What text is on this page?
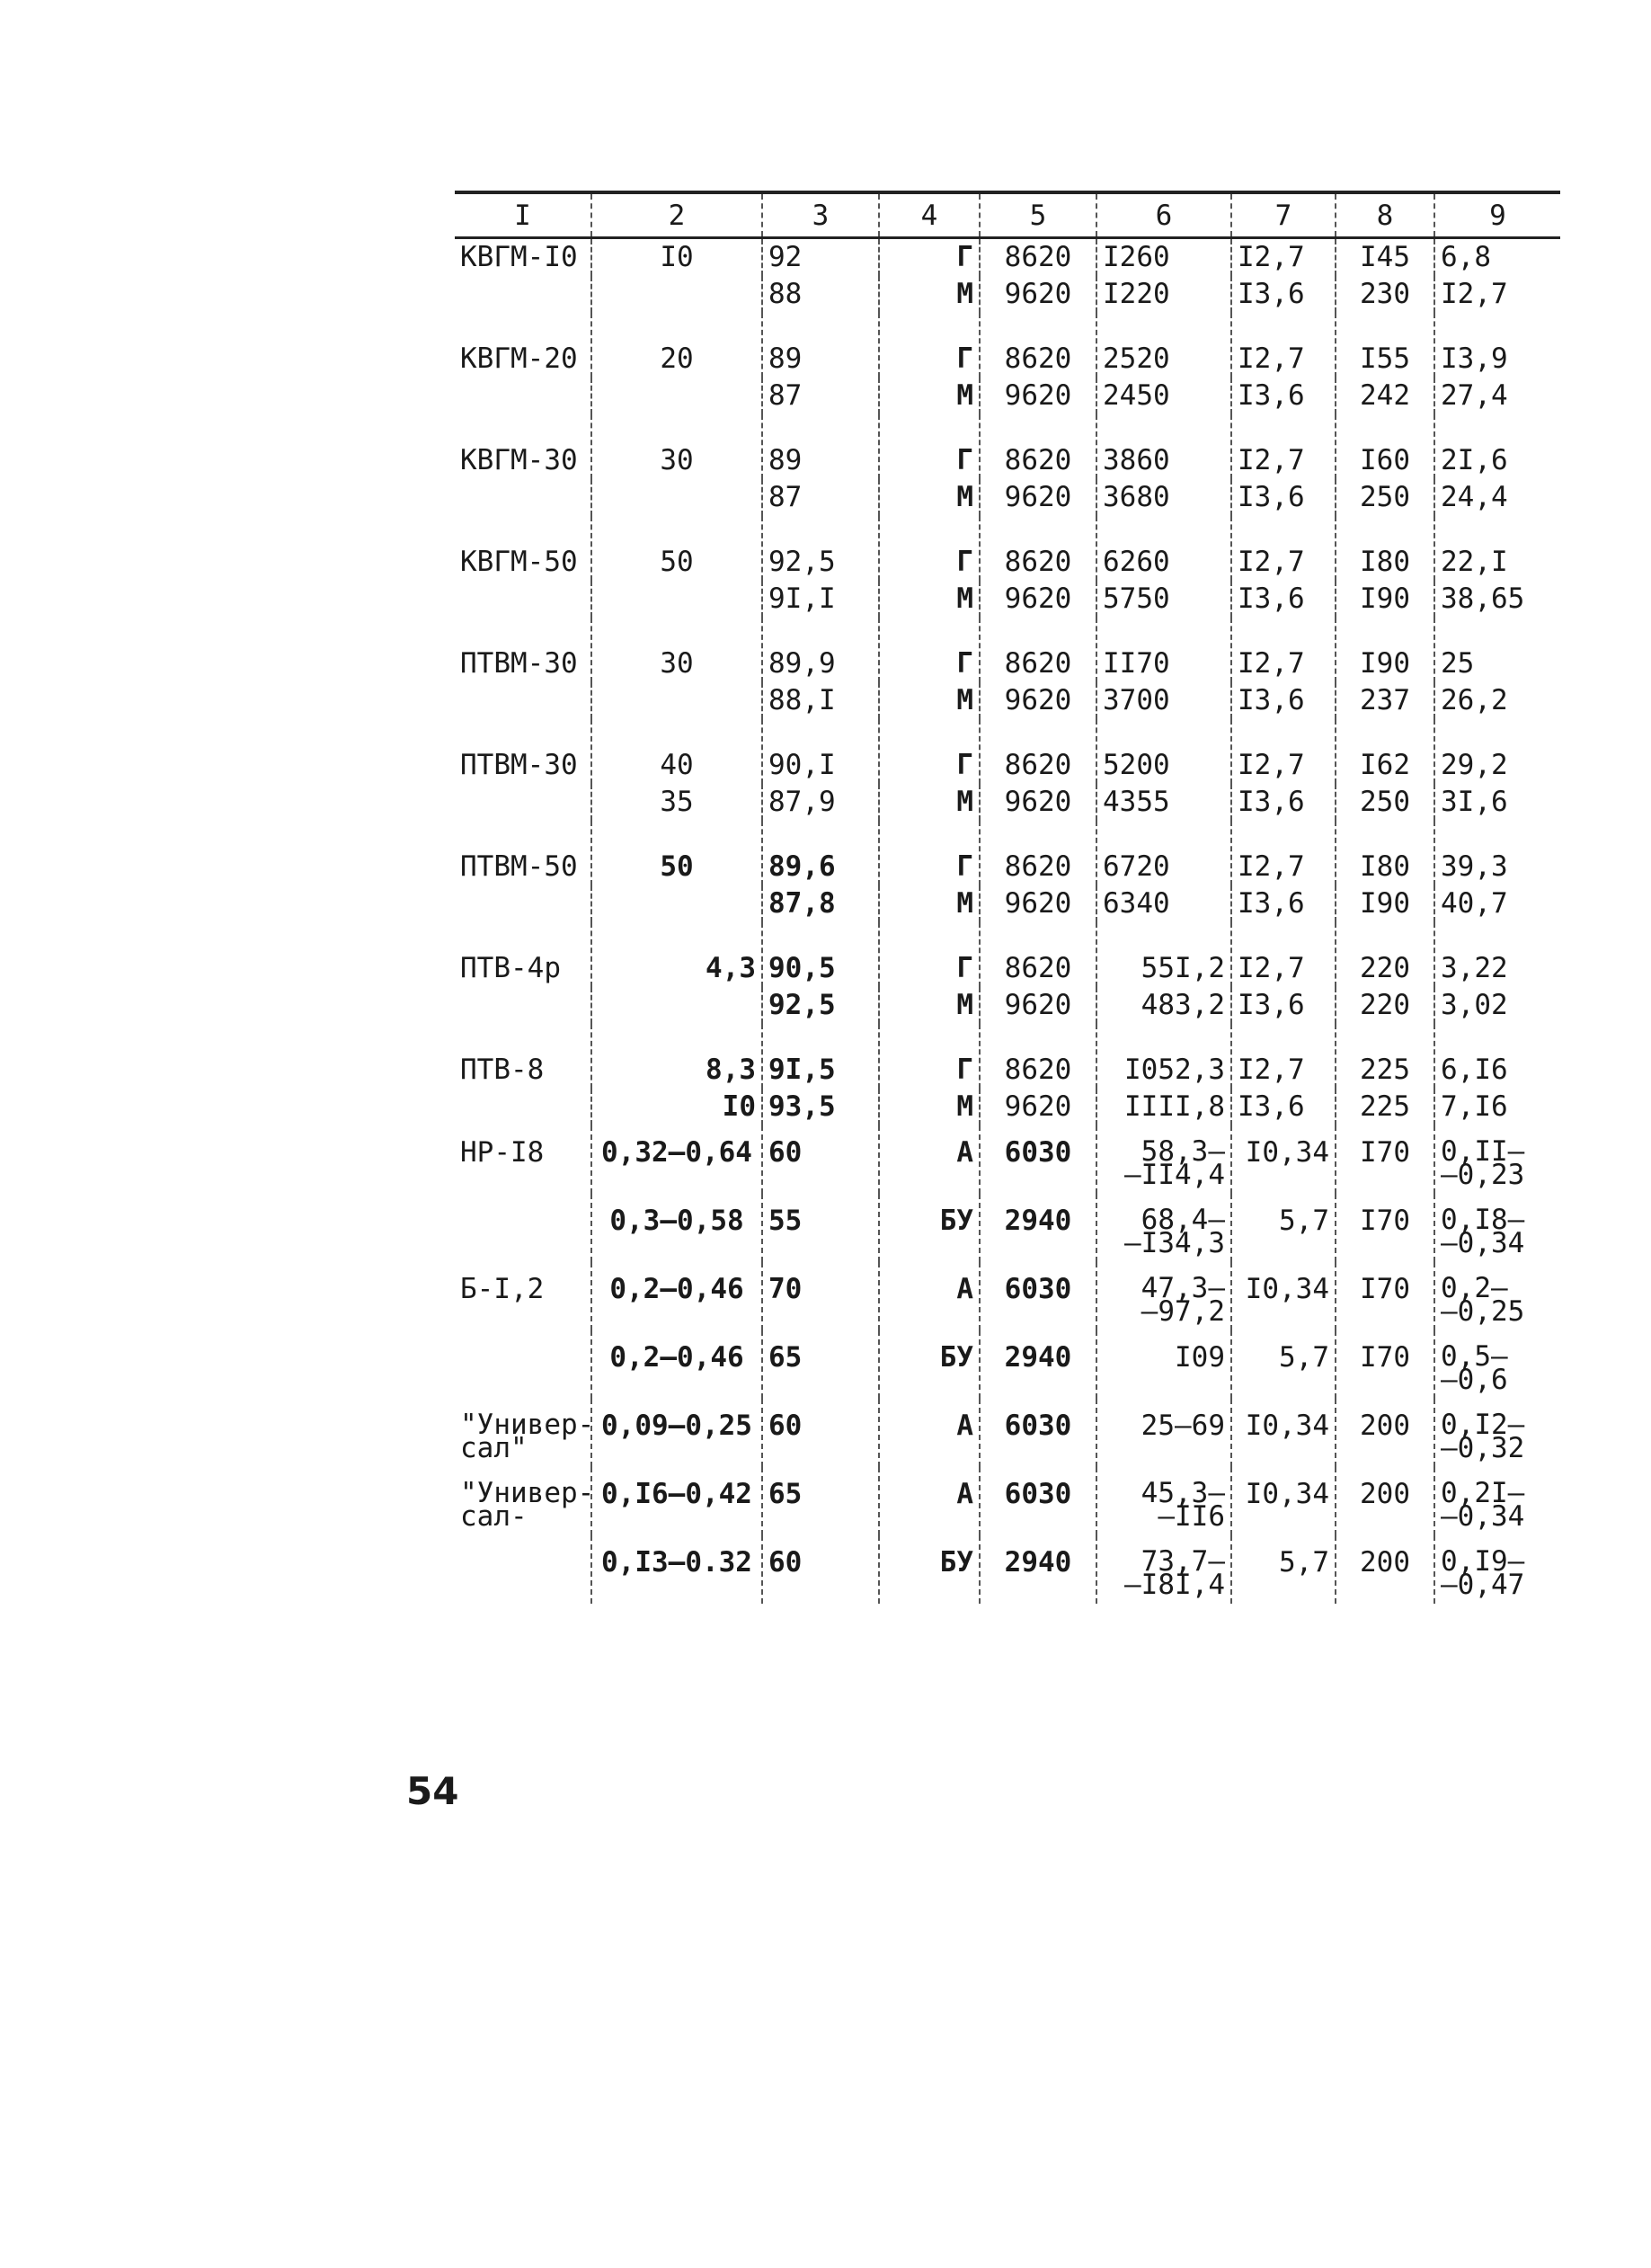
I	2	3	4	5	6	7	8	9
КВГМ-I0	I0	92	Г	8620	I260	I2,7	I45	6,8
		88	М	9620	I220	I3,6	230	I2,7
КВГМ-20	20	89	Г	8620	2520	I2,7	I55	I3,9
		87	М	9620	2450	I3,6	242	27,4
КВГМ-30	30	89	Г	8620	3860	I2,7	I60	2I,6
		87	М	9620	3680	I3,6	250	24,4
КВГМ-50	50	92,5	Г	8620	6260	I2,7	I80	22,I
		9I,I	М	9620	5750	I3,6	I90	38,65
ПТВМ-30	30	89,9	Г	8620	II70	I2,7	I90	25
		88,I	М	9620	3700	I3,6	237	26,2
ПТВМ-30	40	90,I	Г	8620	5200	I2,7	I62	29,2
	35	87,9	М	9620	4355	I3,6	250	3I,6
ПТВМ-50	50	89,6	Г	8620	6720	I2,7	I80	39,3
		87,8	М	9620	6340	I3,6	I90	40,7
ПТВ-4р	4,3	90,5	Г	8620	55I,2	I2,7	220	3,22
		92,5	М	9620	483,2	I3,6	220	3,02
ПТВ-8	8,3	9I,5	Г	8620	I052,3	I2,7	225	6,I6
	I0	93,5	М	9620	IIII,8	I3,6	225	7,I6
НР-I8	0,32–0,64	60	А	6030	58,3–
–II4,4	I0,34	I70	0,II–
–0,23
	0,3–0,58	55	БУ	2940	68,4–
–I34,3	5,7	I70	0,I8–
–0,34
Б-I,2	0,2–0,46	70	А	6030	47,3–
–97,2	I0,34	I70	0,2–
–0,25
	0,2–0,46	65	БУ	2940	I09	5,7	I70	0,5–
–0,6
"Универ-
сал"	0,09–0,25	60	А	6030	25–69	I0,34	200	0,I2–
–0,32
"Универ-
сал-	0,I6–0,42	65	А	6030	45,3–
–II6	I0,34	200	0,2I–
–0,34
	0,I3–0.32	60	БУ	2940	73,7–
–I8I,4	5,7	200	0,I9–
–0,47
54
